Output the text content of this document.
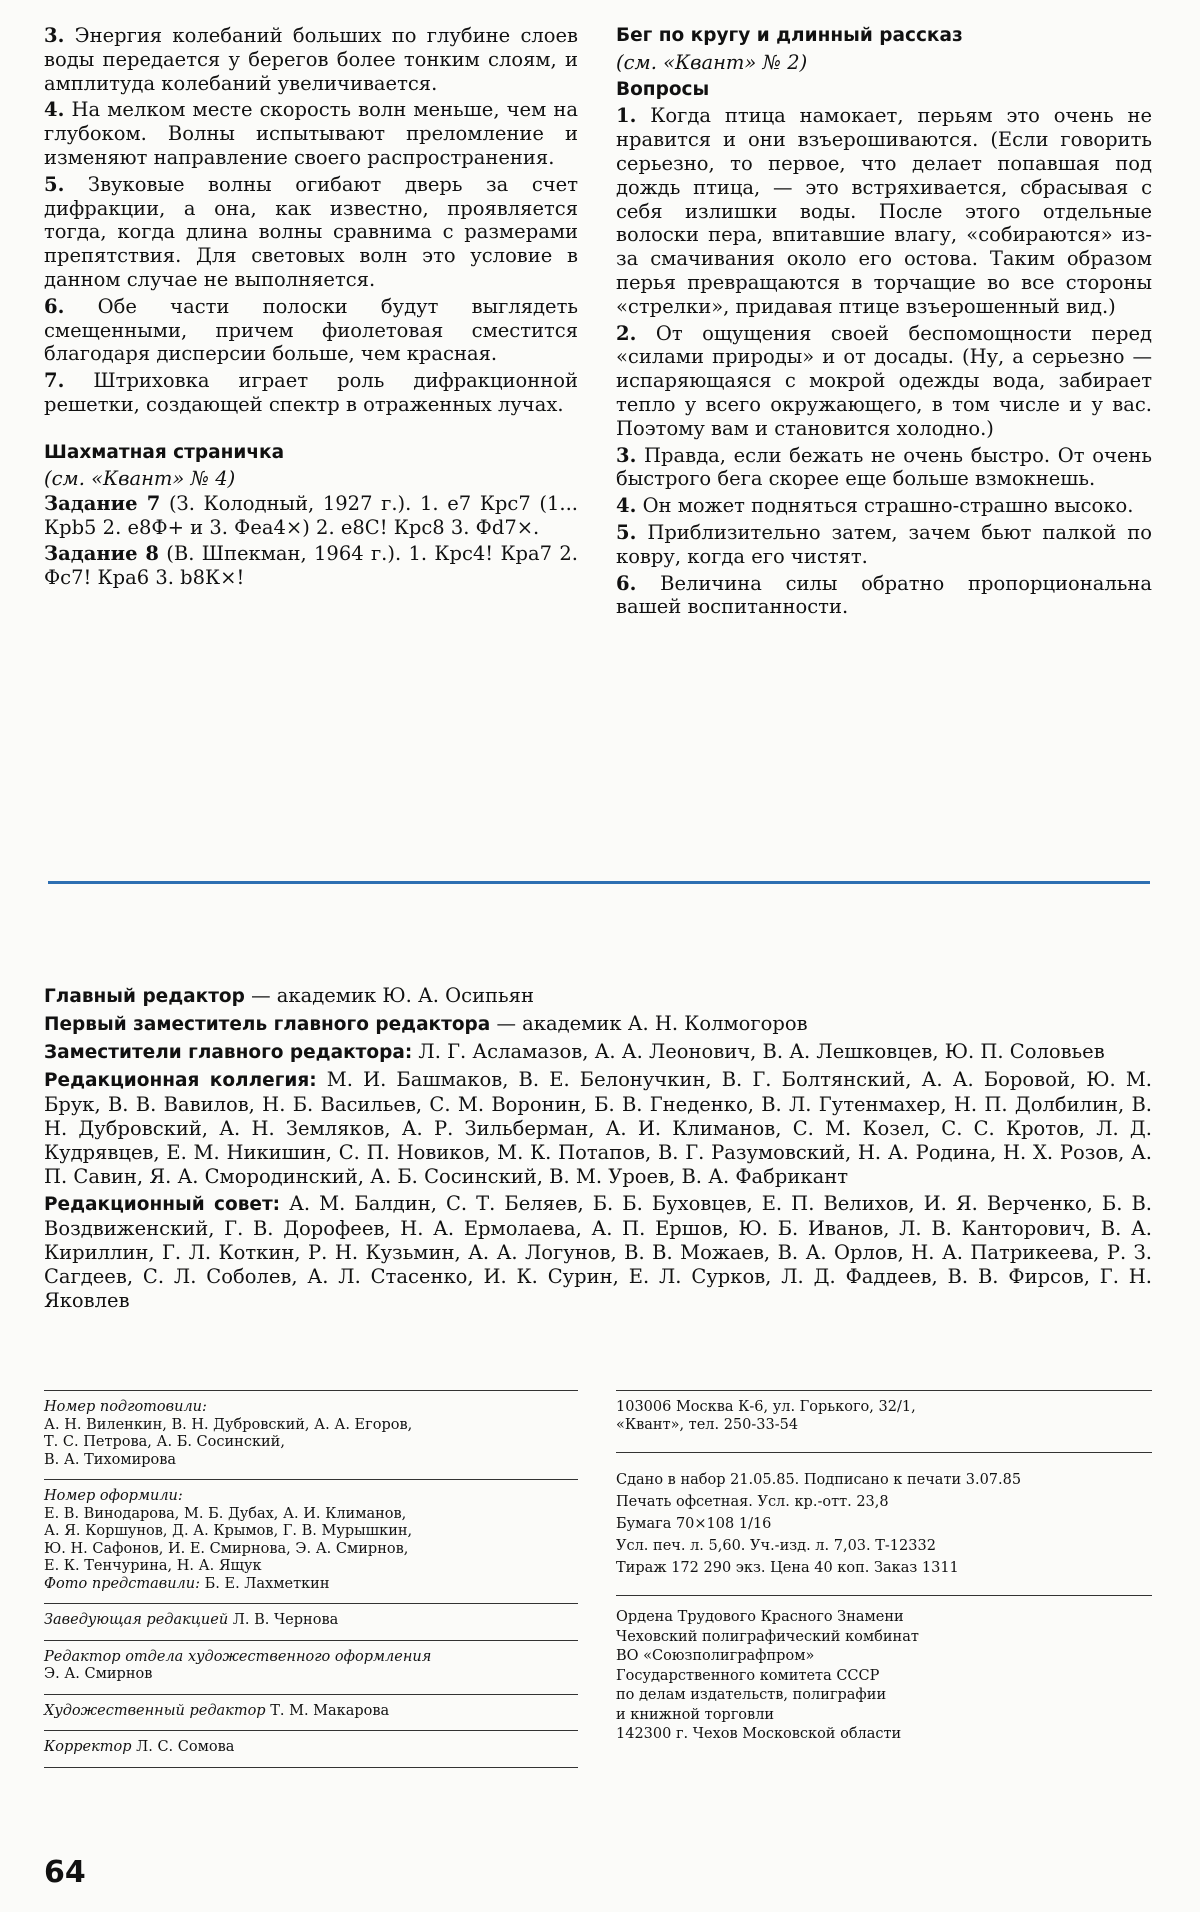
3. Энергия колебаний больших по глубине слоев воды передается у берегов более тонким слоям, и амплитуда колебаний увеличивается.

4. На мелком месте скорость волн меньше, чем на глубоком. Волны испытывают преломление и изменяют направление своего распространения.

5. Звуковые волны огибают дверь за счет дифракции, а она, как известно, проявляется тогда, когда длина волны сравнима с размерами препятствия. Для световых волн это условие в данном случае не выполняется.

6. Обе части полоски будут выглядеть смещенными, причем фиолетовая сместится благодаря дисперсии больше, чем красная.

7. Штриховка играет роль дифракционной решетки, создающей спектр в отраженных лучах.

Шахматная страничка

(см. «Квант» № 4)

Задание 7 (З. Колодный, 1927 г.). 1. е7 Крс7 (1... Крb5 2. е8Ф+ и 3. Феа4×) 2. е8С! Крс8 3. Фd7×.

Задание 8 (В. Шпекман, 1964 г.). 1. Крс4! Кра7 2. Фс7! Кра6 3. b8К×!

Бег по кругу и длинный рассказ

(см. «Квант» № 2)

Вопросы

1. Когда птица намокает, перьям это очень не нравится и они взъерошиваются. (Если говорить серьезно, то первое, что делает попавшая под дождь птица, — это встряхивается, сбрасывая с себя излишки воды. После этого отдельные волоски пера, впитавшие влагу, «собираются» из-за смачивания около его остова. Таким образом перья превращаются в торчащие во все стороны «стрелки», придавая птице взъерошенный вид.)

2. От ощущения своей беспомощности перед «силами природы» и от досады. (Ну, а серьезно — испаряющаяся с мокрой одежды вода, забирает тепло у всего окружающего, в том числе и у вас. Поэтому вам и становится холодно.)

3. Правда, если бежать не очень быстро. От очень быстрого бега скорее еще больше взмокнешь.

4. Он может подняться страшно-страшно высоко.

5. Приблизительно затем, зачем бьют палкой по ковру, когда его чистят.

6. Величина силы обратно пропорциональна вашей воспитанности.

Главный редактор — академик Ю. А. Осипьян

Первый заместитель главного редактора — академик А. Н. Колмогоров

Заместители главного редактора: Л. Г. Асламазов, А. А. Леонович, В. А. Лешковцев, Ю. П. Соловьев

Редакционная коллегия: М. И. Башмаков, В. Е. Белонучкин, В. Г. Болтянский, А. А. Боровой, Ю. М. Брук, В. В. Вавилов, Н. Б. Васильев, С. М. Воронин, Б. В. Гнеденко, В. Л. Гутенмахер, Н. П. Долбилин, В. Н. Дубровский, А. Н. Земляков, А. Р. Зильберман, А. И. Климанов, С. М. Козел, С. С. Кротов, Л. Д. Кудрявцев, Е. М. Никишин, С. П. Новиков, М. К. Потапов, В. Г. Разумовский, Н. А. Родина, Н. Х. Розов, А. П. Савин, Я. А. Смородинский, А. Б. Сосинский, В. М. Уроев, В. А. Фабрикант

Редакционный совет: А. М. Балдин, С. Т. Беляев, Б. Б. Буховцев, Е. П. Велихов, И. Я. Верченко, Б. В. Воздвиженский, Г. В. Дорофеев, Н. А. Ермолаева, А. П. Ершов, Ю. Б. Иванов, Л. В. Канторович, В. А. Кириллин, Г. Л. Коткин, Р. Н. Кузьмин, А. А. Логунов, В. В. Можаев, В. А. Орлов, Н. А. Патрикеева, Р. З. Сагдеев, С. Л. Соболев, А. Л. Стасенко, И. К. Сурин, Е. Л. Сурков, Л. Д. Фаддеев, В. В. Фирсов, Г. Н. Яковлев

Номер подготовили:
А. Н. Виленкин, В. Н. Дубровский, А. А. Егоров,
Т. С. Петрова, А. Б. Сосинский,
В. А. Тихомирова
Номер оформили:
Е. В. Винодарова, М. Б. Дубах, А. И. Климанов,
А. Я. Коршунов, Д. А. Крымов, Г. В. Мурышкин,
Ю. Н. Сафонов, И. Е. Смирнова, Э. А. Смирнов,
Е. К. Тенчурина, Н. А. Ящук
Фото представили: Б. Е. Лахметкин
Заведующая редакцией Л. В. Чернова
Редактор отдела художественного оформления
Э. А. Смирнов
Художественный редактор Т. М. Макарова
Корректор Л. С. Сомова
103006 Москва К-6, ул. Горького, 32/1,
«Квант», тел. 250-33-54
Сдано в набор 21.05.85. Подписано к печати 3.07.85
Печать офсетная. Усл. кр.-отт. 23,8
Бумага 70×108 1/16
Усл. печ. л. 5,60. Уч.-изд. л. 7,03. Т-12332
Тираж 172 290 экз. Цена 40 коп. Заказ 1311
Ордена Трудового Красного Знамени
Чеховский полиграфический комбинат
ВО «Союзполиграфпром»
Государственного комитета СССР
по делам издательств, полиграфии
и книжной торговли
142300 г. Чехов Московской области
64
